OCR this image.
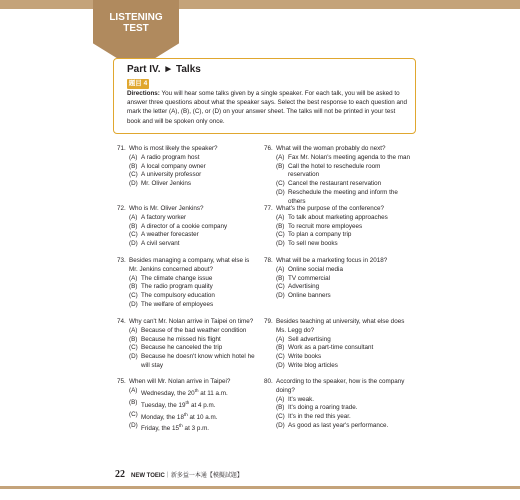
LISTENING
TEST
Part IV. ► Talks
題目 4
Directions: You will hear some talks given by a single speaker. For each talk, you will be asked to answer three questions about what the speaker says. Select the best response to each question and mark the letter (A), (B), (C), or (D) on your answer sheet. The talks will not be printed in your test book and will be spoken only once.
71. Who is most likely the speaker?
(A) A radio program host
(B) A local company owner
(C) A university professor
(D) Mr. Oliver Jenkins
72. Who is Mr. Oliver Jenkins?
(A) A factory worker
(B) A director of a cookie company
(C) A weather forecaster
(D) A civil servant
73. Besides managing a company, what else is Mr. Jenkins concerned about?
(A) The climate change issue
(B) The radio program quality
(C) The compulsory education
(D) The welfare of employees
74. Why can't Mr. Nolan arrive in Taipei on time?
(A) Because of the bad weather condition
(B) Because he missed his flight
(C) Because he canceled the trip
(D) Because he doesn't know which hotel he will stay
75. When will Mr. Nolan arrive in Taipei?
(A) Wednesday, the 20th at 11 a.m.
(B) Tuesday, the 19th at 4 p.m.
(C) Monday, the 18th at 10 a.m.
(D) Friday, the 15th at 3 p.m.
76. What will the woman probably do next?
(A) Fax Mr. Nolan's meeting agenda to the man
(B) Call the hotel to reschedule room reservation
(C) Cancel the restaurant reservation
(D) Reschedule the meeting and inform the others
77. What's the purpose of the conference?
(A) To talk about marketing approaches
(B) To recruit more employees
(C) To plan a company trip
(D) To sell new books
78. What will be a marketing focus in 2018?
(A) Online social media
(B) TV commercial
(C) Advertising
(D) Online banners
79. Besides teaching at university, what else does Ms. Legg do?
(A) Sell advertising
(B) Work as a part-time consultant
(C) Write books
(D) Write blog articles
80. According to the speaker, how is the company doing?
(A) It's weak.
(B) It's doing a roaring trade.
(C) It's in the red this year.
(D) As good as last year's performance.
22 NEW TOEIC｜新多益一本通【模擬試題】
